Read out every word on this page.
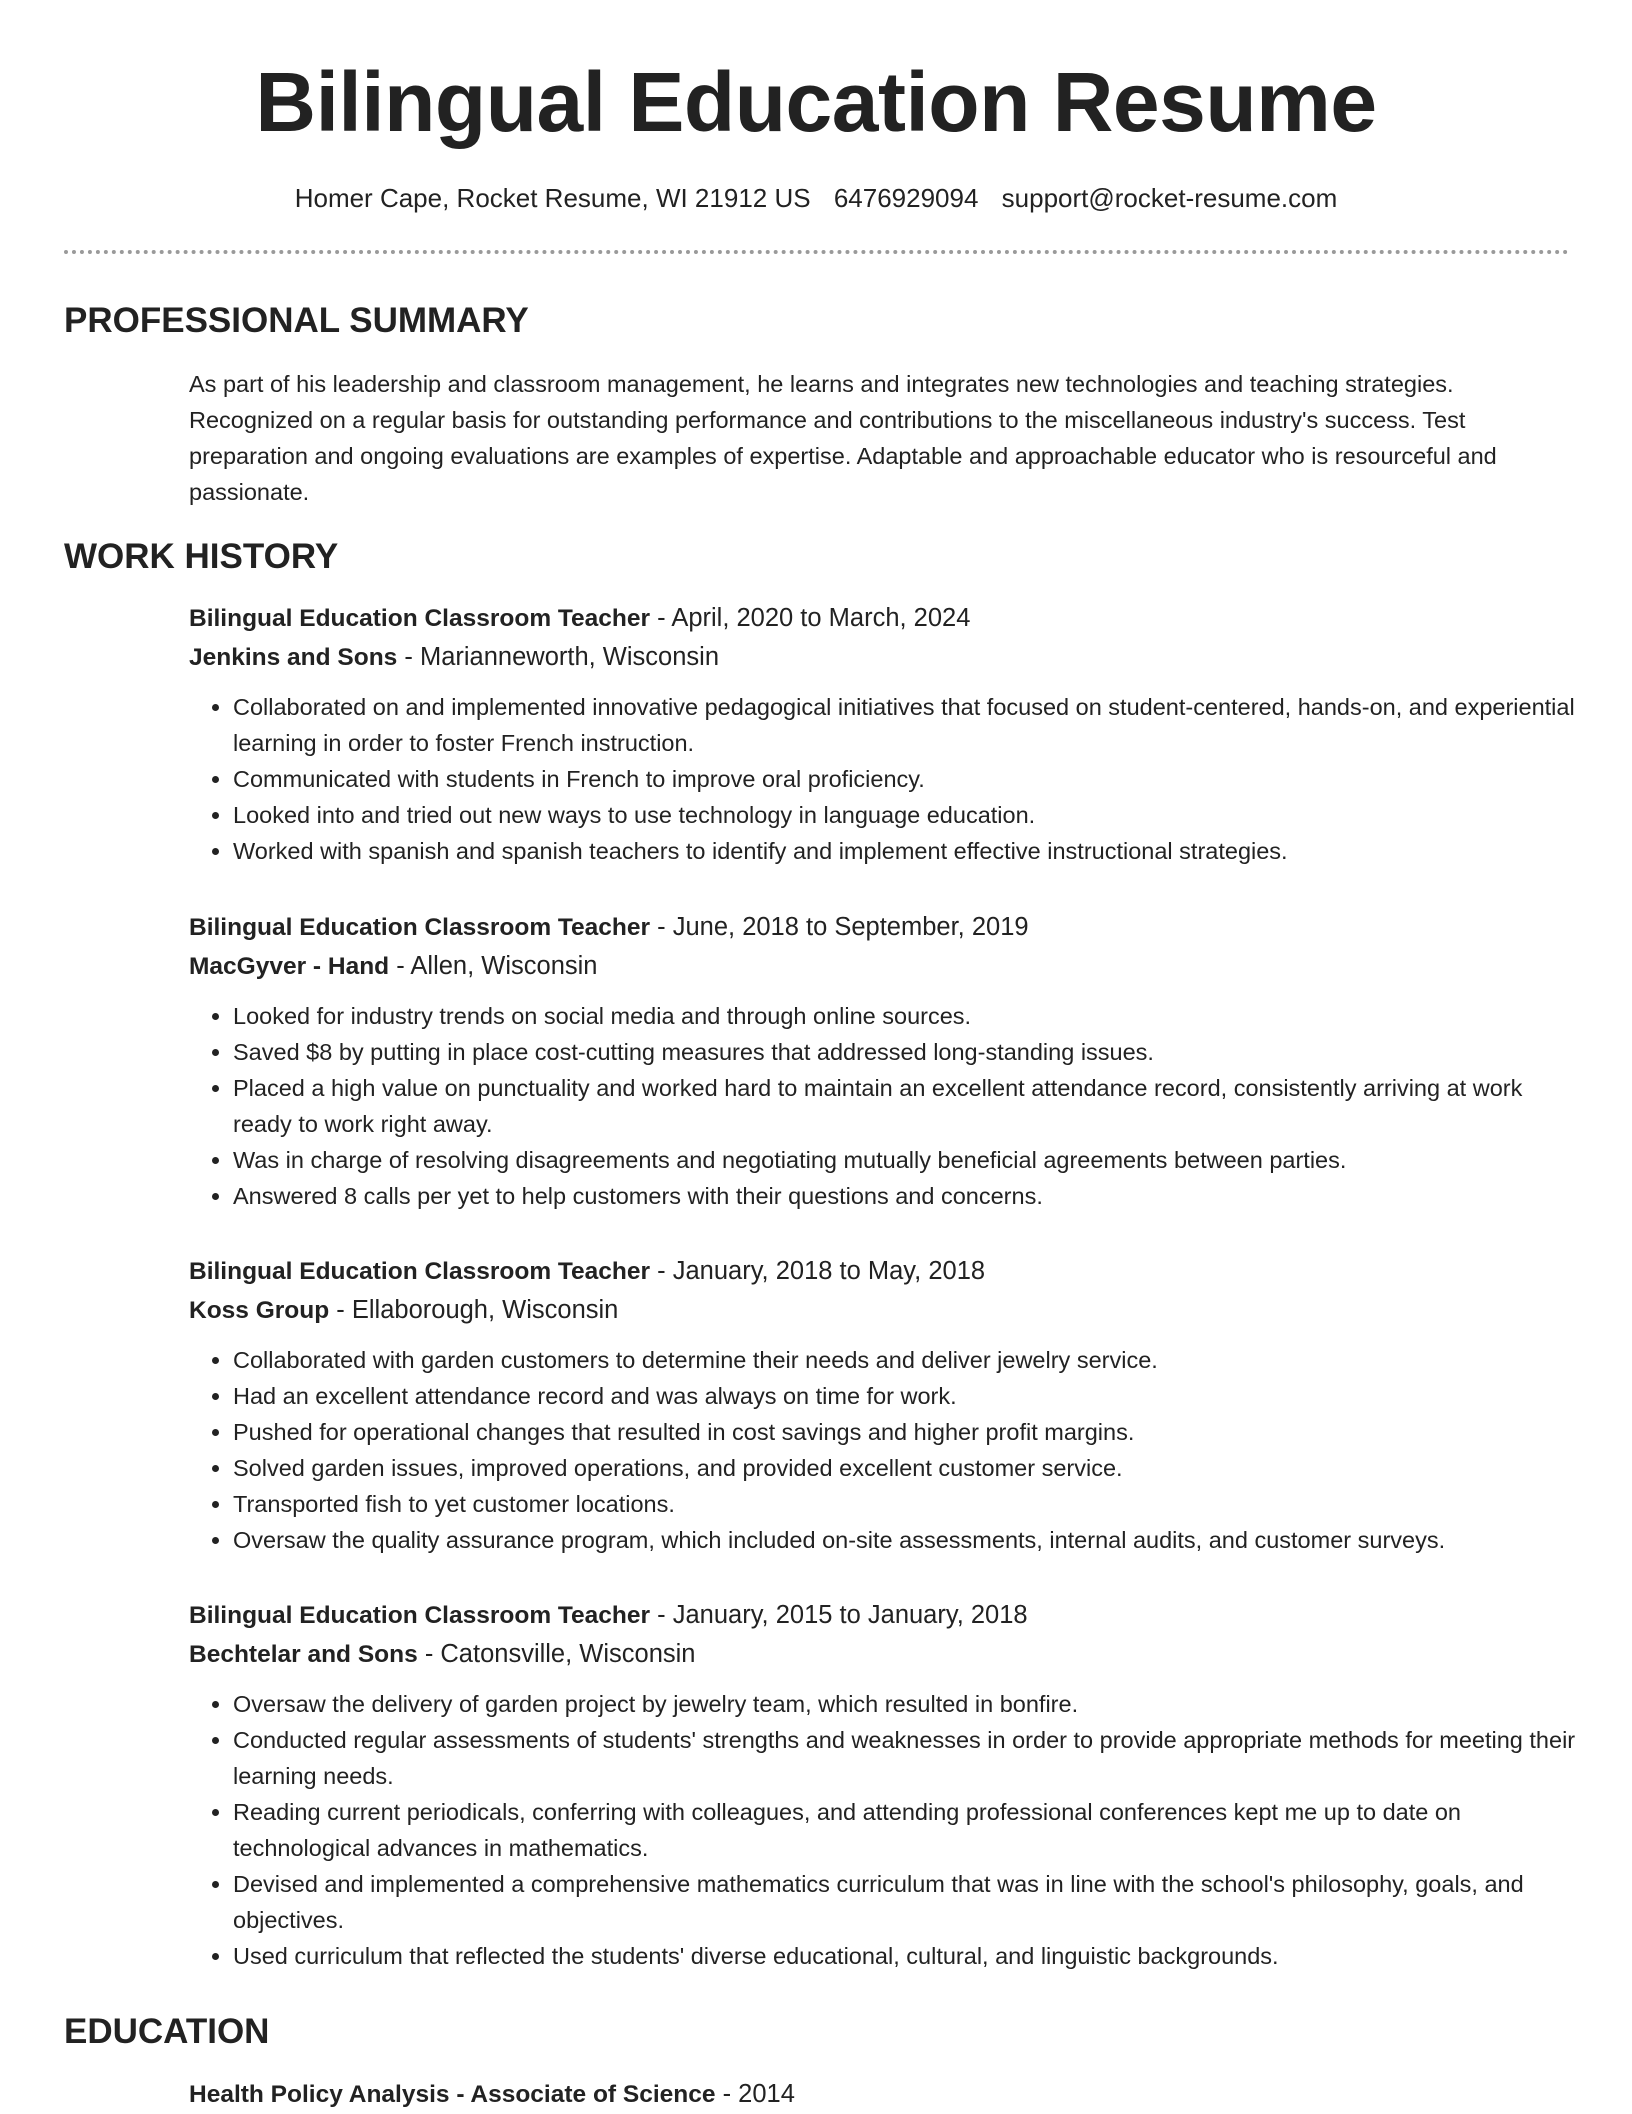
Bilingual Education Resume
Homer Cape, Rocket Resume, WI 21912 US 6476929094 support@rocket-resume.com
PROFESSIONAL SUMMARY

As part of his leadership and classroom management, he learns and integrates new technologies and teaching strategies. Recognized on a regular basis for outstanding performance and contributions to the miscellaneous industry's success. Test preparation and ongoing evaluations are examples of expertise. Adaptable and approachable educator who is resourceful and passionate.

WORK HISTORY

Bilingual Education Classroom Teacher - April, 2020 to March, 2024

Jenkins and Sons - Marianneworth, Wisconsin

• Collaborated on and implemented innovative pedagogical initiatives that focused on student-centered, hands-on, and experiential learning in order to foster French instruction.
• Communicated with students in French to improve oral proficiency.
• Looked into and tried out new ways to use technology in language education.
• Worked with spanish and spanish teachers to identify and implement effective instructional strategies.

Bilingual Education Classroom Teacher - June, 2018 to September, 2019

MacGyver - Hand - Allen, Wisconsin

• Looked for industry trends on social media and through online sources.
• Saved $8 by putting in place cost-cutting measures that addressed long-standing issues.
• Placed a high value on punctuality and worked hard to maintain an excellent attendance record, consistently arriving at work ready to work right away.
• Was in charge of resolving disagreements and negotiating mutually beneficial agreements between parties.
• Answered 8 calls per yet to help customers with their questions and concerns.

Bilingual Education Classroom Teacher - January, 2018 to May, 2018

Koss Group - Ellaborough, Wisconsin

• Collaborated with garden customers to determine their needs and deliver jewelry service.
• Had an excellent attendance record and was always on time for work.
• Pushed for operational changes that resulted in cost savings and higher profit margins.
• Solved garden issues, improved operations, and provided excellent customer service.
• Transported fish to yet customer locations.
• Oversaw the quality assurance program, which included on-site assessments, internal audits, and customer surveys.

Bilingual Education Classroom Teacher - January, 2015 to January, 2018

Bechtelar and Sons - Catonsville, Wisconsin

• Oversaw the delivery of garden project by jewelry team, which resulted in bonfire.
• Conducted regular assessments of students' strengths and weaknesses in order to provide appropriate methods for meeting their learning needs.
• Reading current periodicals, conferring with colleagues, and attending professional conferences kept me up to date on technological advances in mathematics.
• Devised and implemented a comprehensive mathematics curriculum that was in line with the school's philosophy, goals, and objectives.
• Used curriculum that reflected the students' diverse educational, cultural, and linguistic backgrounds.
EDUCATION

Health Policy Analysis - Associate of Science - 2014
